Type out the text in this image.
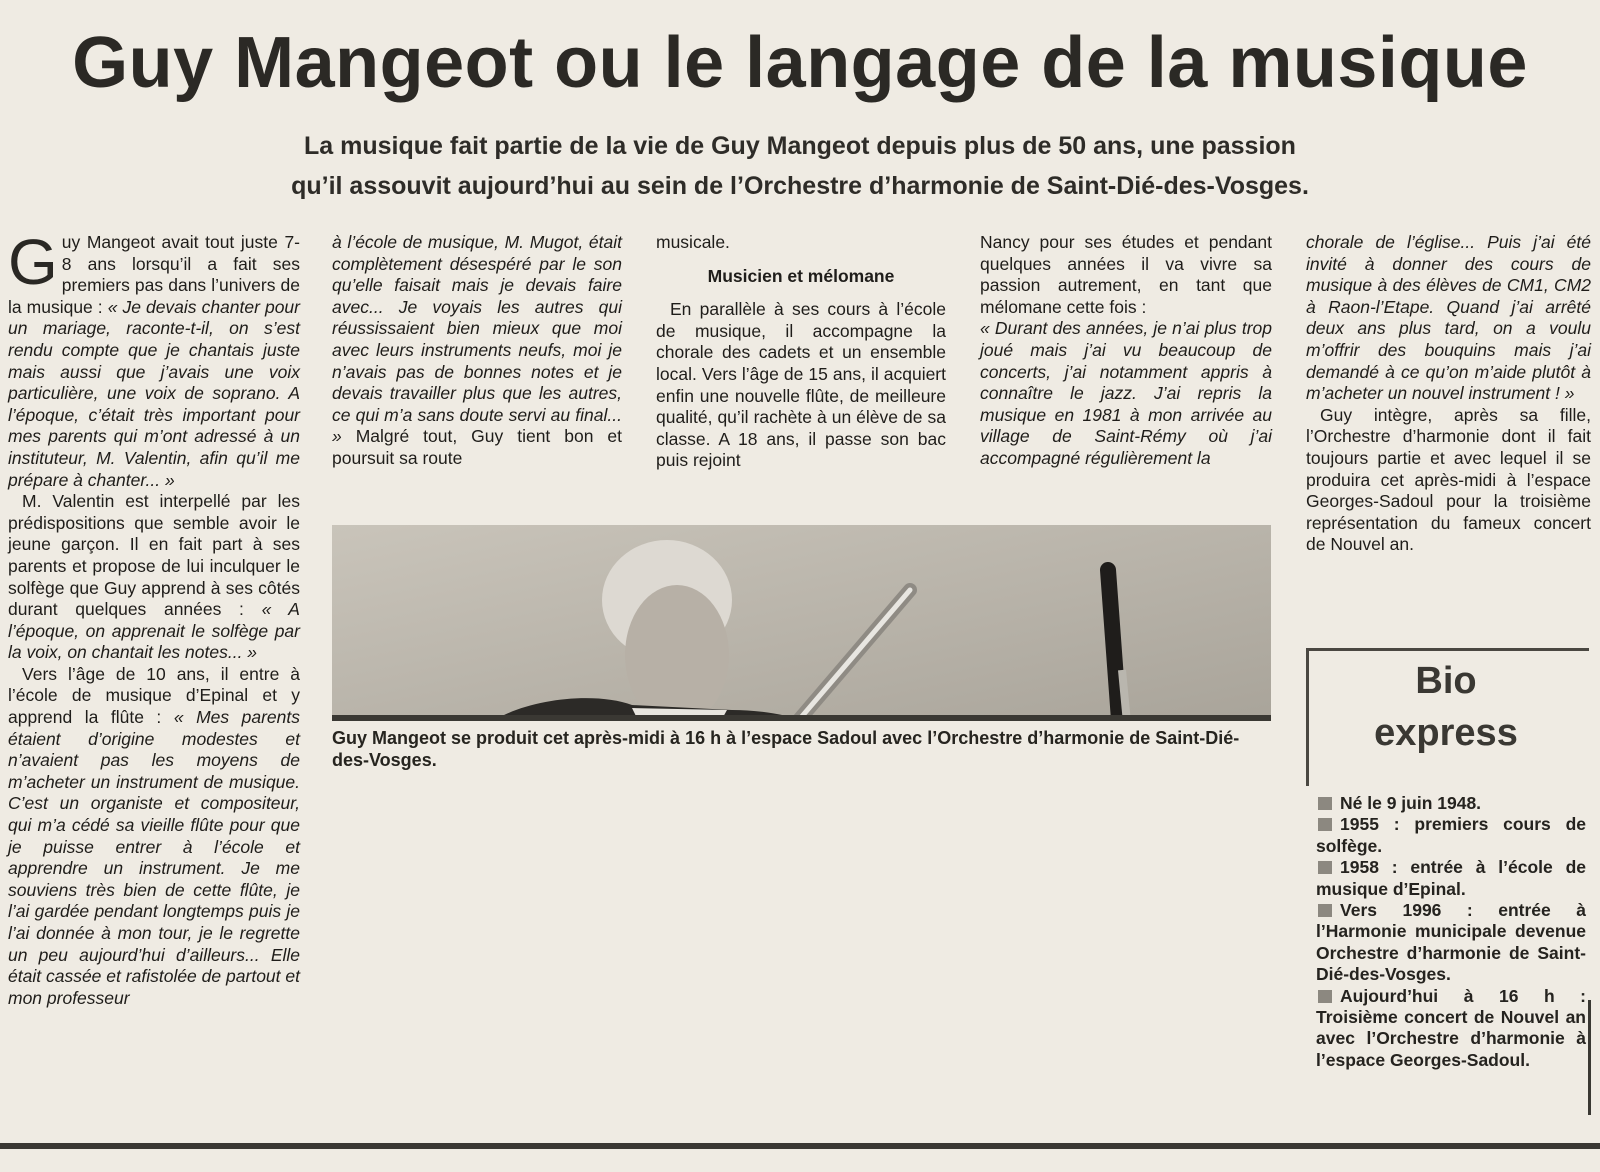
Guy Mangeot ou le langage de la musique
La musique fait partie de la vie de Guy Mangeot depuis plus de 50 ans, une passion
qu’il assouvit aujourd’hui au sein de l’Orchestre d’harmonie de Saint-Dié-des-Vosges.

Guy Mangeot avait tout juste 7-8 ans lorsqu’il a fait ses premiers pas dans l’univers de la musique : « Je devais chanter pour un mariage, raconte-t-il, on s’est rendu compte que je chantais juste mais aussi que j’avais une voix particulière, une voix de soprano. A l’époque, c’était très important pour mes parents qui m’ont adressé à un instituteur, M. Valentin, afin qu’il me prépare à chanter... »

M. Valentin est interpellé par les prédispositions que semble avoir le jeune garçon. Il en fait part à ses parents et propose de lui inculquer le solfège que Guy apprend à ses côtés durant quelques années : « A l’époque, on apprenait le solfège par la voix, on chantait les notes... »

Vers l’âge de 10 ans, il entre à l’école de musique d’Epinal et y apprend la flûte : « Mes parents étaient d’origine modestes et n’avaient pas les moyens de m’acheter un instrument de musique. C’est un organiste et compositeur, qui m’a cédé sa vieille flûte pour que je puisse entrer à l’école et apprendre un instrument. Je me souviens très bien de cette flûte, je l’ai gardée pendant longtemps puis je l’ai donnée à mon tour, je le regrette un peu aujourd’hui d’ailleurs... Elle était cassée et rafistolée de partout et mon professeur

à l’école de musique, M. Mugot, était complètement désespéré par le son qu’elle faisait mais je devais faire avec... Je voyais les autres qui réussissaient bien mieux que moi avec leurs instruments neufs, moi je n’avais pas de bonnes notes et je devais travailler plus que les autres, ce qui m’a sans doute servi au final... » Malgré tout, Guy tient bon et poursuit sa route

musicale.

Musicien et mélomane

En parallèle à ses cours à l’école de musique, il accompagne la chorale des cadets et un ensemble local. Vers l’âge de 15 ans, il acquiert enfin une nouvelle flûte, de meilleure qualité, qu’il rachète à un élève de sa classe. A 18 ans, il passe son bac puis rejoint

Nancy pour ses études et pendant quelques années il va vivre sa passion autrement, en tant que mélomane cette fois :

« Durant des années, je n’ai plus trop joué mais j’ai vu beaucoup de concerts, j’ai notamment appris à connaître le jazz. J’ai repris la musique en 1981 à mon arrivée au village de Saint-Rémy où j’ai accompagné régulièrement la

chorale de l’église... Puis j’ai été invité à donner des cours de musique à des élèves de CM1, CM2 à Raon-l’Etape. Quand j’ai arrêté deux ans plus tard, on a voulu m’offrir des bouquins mais j’ai demandé à ce qu’on m’aide plutôt à m’acheter un nouvel instrument ! »

Guy intègre, après sa fille, l’Orchestre d’harmonie dont il fait toujours partie et avec lequel il se produira cet après-midi à l’espace Georges-Sadoul pour la troisième représentation du fameux concert de Nouvel an.

Guy Mangeot se produit cet après-midi à 16 h à l’espace Sadoul avec l’Orchestre d’harmonie de Saint-Dié-des-Vosges.
Bio
express

Né le 9 juin 1948.

1955 : premiers cours de solfège.

1958 : entrée à l’école de musique d’Epinal.

Vers 1996 : entrée à l’Harmonie municipale devenue Orchestre d’harmonie de Saint-Dié-des-Vosges.

Aujourd’hui à 16 h : Troisième concert de Nouvel an avec l’Orchestre d’harmonie à l’espace Georges-Sadoul.
